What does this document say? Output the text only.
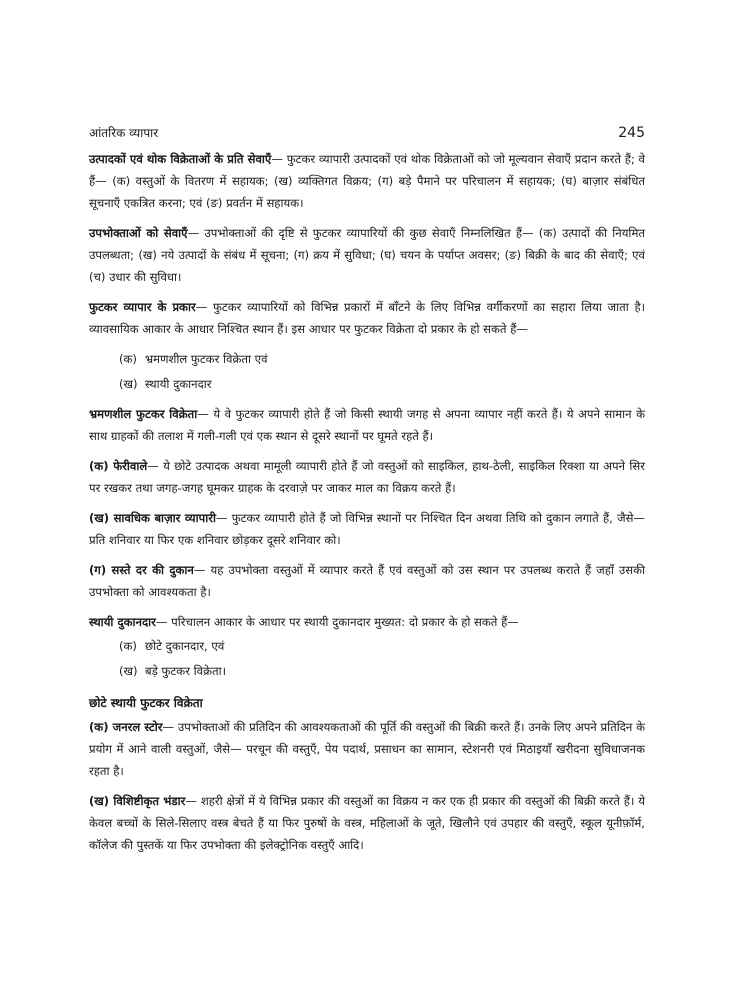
आंतरिक व्यापार	245

उत्पादकों एवं थोक विक्रेताओं के प्रति सेवाएँ— फुटकर व्यापारी उत्पादकों एवं थोक विक्रेताओं को जो मूल्यवान सेवाएँ प्रदान करते हैं; वे हैं— (क) वस्तुओं के वितरण में सहायक; (ख) व्यक्तिगत विक्रय; (ग) बड़े पैमाने पर परिचालन में सहायक; (घ) बाज़ार संबंधित सूचनाएँ एकत्रित करना; एवं (ङ) प्रवर्तन में सहायक।

उपभोक्ताओं को सेवाएँ— उपभोक्ताओं की दृष्टि से फुटकर व्यापारियों की कुछ सेवाएँ निम्नलिखित हैं— (क) उत्पादों की नियमित उपलब्धता; (ख) नये उत्पादों के संबंध में सूचना; (ग) क्रय में सुविधा; (घ) चयन के पर्याप्त अवसर; (ङ) बिक्री के बाद की सेवाएँ; एवं (च) उधार की सुविधा।

फुटकर व्यापार के प्रकार— फुटकर व्यापारियों को विभिन्न प्रकारों में बाँटने के लिए विभिन्न वर्गीकरणों का सहारा लिया जाता है। व्यावसायिक आकार के आधार निश्चित स्थान हैं। इस आधार पर फुटकर विक्रेता दो प्रकार के हो सकते हैं—

(क) भ्रमणशील फुटकर विक्रेता एवं
(ख) स्थायी दुकानदार

भ्रमणशील फुटकर विक्रेता— ये वे फुटकर व्यापारी होते हैं जो किसी स्थायी जगह से अपना व्यापार नहीं करते हैं। ये अपने सामान के साथ ग्राहकों की तलाश में गली-गली एवं एक स्थान से दूसरे स्थानों पर घूमते रहते हैं।

(क) फेरीवाले— ये छोटे उत्पादक अथवा मामूली व्यापारी होते हैं जो वस्तुओं को साइकिल, हाथ-ठेली, साइकिल रिक्शा या अपने सिर पर रखकर तथा जगह-जगह घूमकर ग्राहक के दरवाज़े पर जाकर माल का विक्रय करते हैं।

(ख) सावधिक बाज़ार व्यापारी— फुटकर व्यापारी होते हैं जो विभिन्न स्थानों पर निश्चित दिन अथवा तिथि को दुकान लगाते हैं, जैसे— प्रति शनिवार या फिर एक शनिवार छोड़कर दूसरे शनिवार को।

(ग) सस्ते दर की दुकान— यह उपभोक्ता वस्तुओं में व्यापार करते हैं एवं वस्तुओं को उस स्थान पर उपलब्ध कराते हैं जहाँ उसकी उपभोक्ता को आवश्यकता है।

स्थायी दुकानदार— परिचालन आकार के आधार पर स्थायी दुकानदार मुख्यत: दो प्रकार के हो सकते हैं—

(क) छोटे दुकानदार, एवं
(ख) बड़े फुटकर विक्रेता।
छोटे स्थायी फुटकर विक्रेता

(क) जनरल स्टोर— उपभोक्ताओं की प्रतिदिन की आवश्यकताओं की पूर्ति की वस्तुओं की बिक्री करते हैं। उनके लिए अपने प्रतिदिन के प्रयोग में आने वाली वस्तुओं, जैसे— परचून की वस्तुएँ, पेय पदार्थ, प्रसाधन का सामान, स्टेशनरी एवं मिठाइयाँ खरीदना सुविधाजनक रहता है।

(ख) विशिष्टीकृत भंडार— शहरी क्षेत्रों में ये विभिन्न प्रकार की वस्तुओं का विक्रय न कर एक ही प्रकार की वस्तुओं की बिक्री करते हैं। ये केवल बच्चों के सिले-सिलाए वस्त्र बेचते हैं या फिर पुरुषों के वस्त्र, महिलाओं के जूते, खिलौने एवं उपहार की वस्तुएँ, स्कूल यूनीफ़ॉर्म, कॉलेज की पुस्तकें या फिर उपभोक्ता की इलेक्ट्रोनिक वस्तुएँ आदि।
